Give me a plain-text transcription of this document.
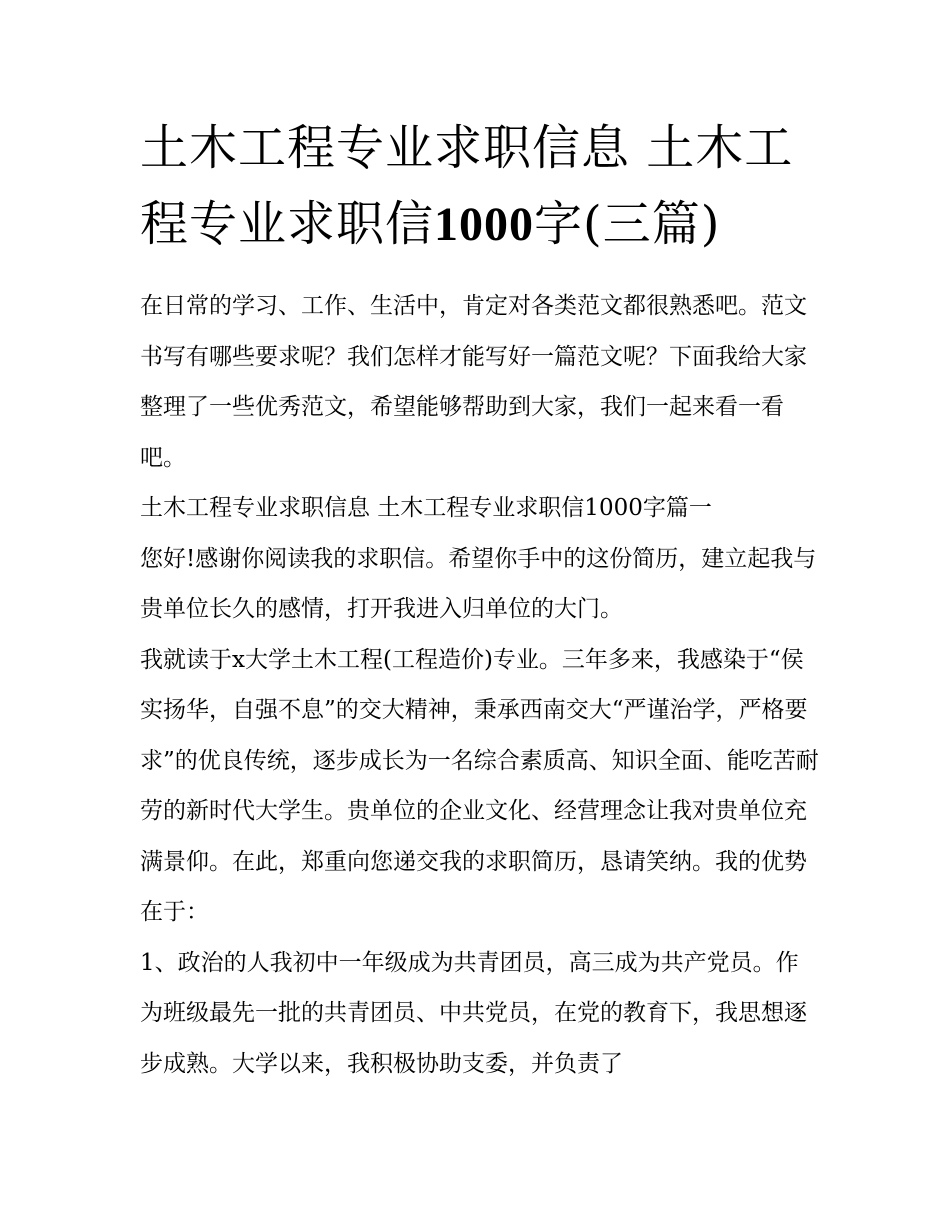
土木工程专业求职信息 土木工程专业求职信1000字(三篇)

在日常的学习、工作、生活中，肯定对各类范文都很熟悉吧。范文书写有哪些要求呢？我们怎样才能写好一篇范文呢？下面我给大家整理了一些优秀范文，希望能够帮助到大家，我们一起来看一看吧。

土木工程专业求职信息 土木工程专业求职信1000字篇一

您好!感谢你阅读我的求职信。希望你手中的这份简历，建立起我与贵单位长久的感情，打开我进入归单位的大门。

我就读于x大学土木工程(工程造价)专业。三年多来，我感染于“侯实扬华，自强不息”的交大精神，秉承西南交大“严谨治学，严格要求”的优良传统，逐步成长为一名综合素质高、知识全面、能吃苦耐劳的新时代大学生。贵单位的企业文化、经营理念让我对贵单位充满景仰。在此，郑重向您递交我的求职简历，恳请笑纳。我的优势在于：

1、政治的人我初中一年级成为共青团员，高三成为共产党员。作为班级最先一批的共青团员、中共党员，在党的教育下，我思想逐步成熟。大学以来，我积极协助支委，并负责了
